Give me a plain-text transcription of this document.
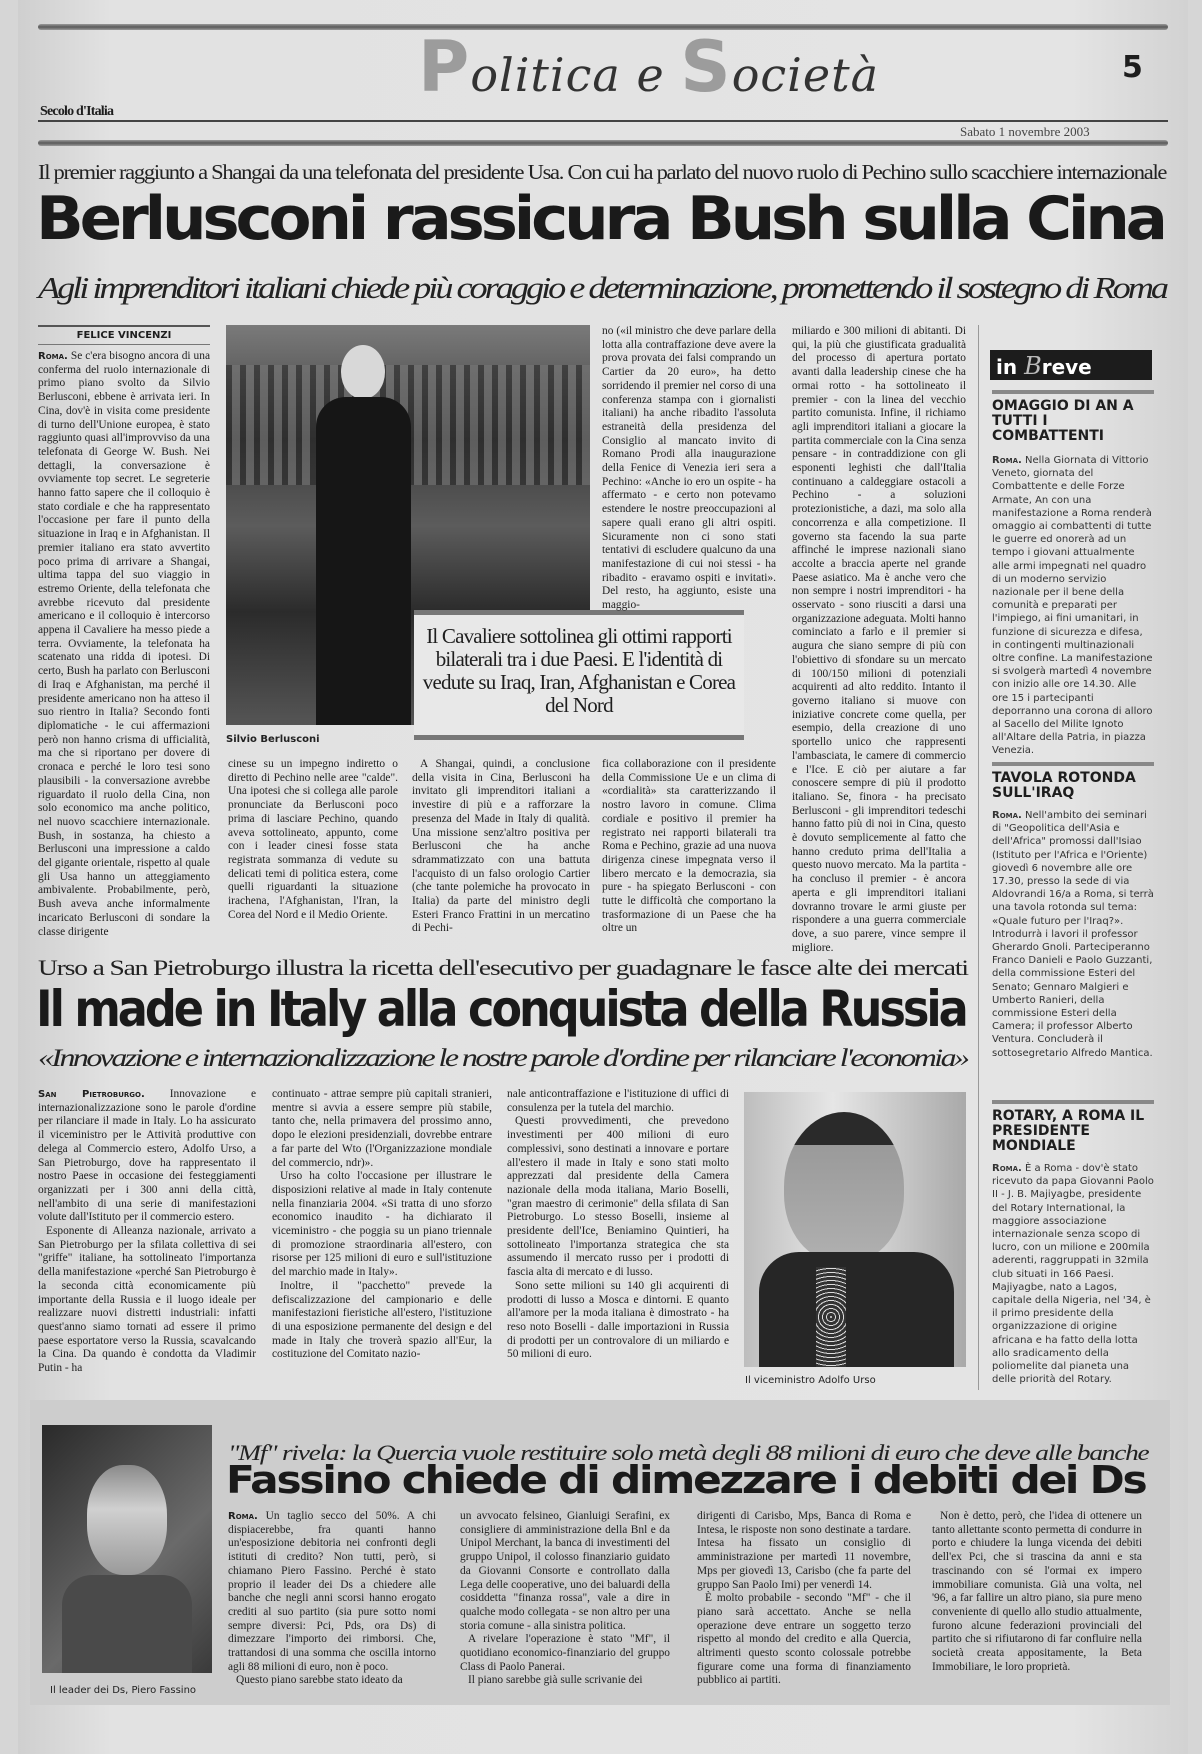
Politica e Società	5
Secolo d'Italia
Sabato 1 novembre 2003
Il premier raggiunto a Shangai da una telefonata del presidente Usa. Con cui ha parlato del nuovo ruolo di Pechino sullo scacchiere internazionale
Berlusconi rassicura Bush sulla Cina
Agli imprenditori italiani chiede più coraggio e determinazione, promettendo il sostegno di Roma
FELICE VINCENZI

Roma. Se c'era bisogno ancora di una conferma del ruolo internazionale di primo piano svolto da Silvio Berlusconi, ebbene è arrivata ieri. In Cina, dov'è in visita come presidente di turno dell'Unione europea, è stato raggiunto quasi all'improvviso da una telefonata di George W. Bush. Nei dettagli, la conversazione è ovviamente top secret. Le segreterie hanno fatto sapere che il colloquio è stato cordiale e che ha rappresentato l'occasione per fare il punto della situazione in Iraq e in Afghanistan. Il premier italiano era stato avvertito poco prima di arrivare a Shangai, ultima tappa del suo viaggio in estremo Oriente, della telefonata che avrebbe ricevuto dal presidente americano e il colloquio è intercorso appena il Cavaliere ha messo piede a terra. Ovviamente, la telefonata ha scatenato una ridda di ipotesi. Di certo, Bush ha parlato con Berlusconi di Iraq e Afghanistan, ma perché il presidente americano non ha atteso il suo rientro in Italia? Secondo fonti diplomatiche - le cui affermazioni però non hanno crisma di ufficialità, ma che si riportano per dovere di cronaca e perché le loro tesi sono plausibili - la conversazione avrebbe riguardato il ruolo della Cina, non solo economico ma anche politico, nel nuovo scacchiere internazionale. Bush, in sostanza, ha chiesto a Berlusconi una impressione a caldo del gigante orientale, rispetto al quale gli Usa hanno un atteggiamento ambivalente. Probabilmente, però, Bush aveva anche informalmente incaricato Berlusconi di sondare la classe dirigente

Silvio Berlusconi
Il Cavaliere sottolinea gli ottimi rapporti bilaterali tra i due Paesi. E l'identità di vedute su Iraq, Iran, Afghanistan e Corea del Nord

cinese su un impegno indiretto o diretto di Pechino nelle aree "calde". Una ipotesi che si collega alle parole pronunciate da Berlusconi poco prima di lasciare Pechino, quando aveva sottolineato, appunto, come con i leader cinesi fosse stata registrata sommanza di vedute su delicati temi di politica estera, come quelli riguardanti la situazione irachena, l'Afghanistan, l'Iran, la Corea del Nord e il Medio Oriente.

A Shangai, quindi, a conclusione della visita in Cina, Berlusconi ha invitato gli imprenditori italiani a investire di più e a rafforzare la presenza del Made in Italy di qualità. Una missione senz'altro positiva per Berlusconi che ha anche sdrammatizzato con una battuta l'acquisto di un falso orologio Cartier (che tante polemiche ha provocato in Italia) da parte del ministro degli Esteri Franco Frattini in un mercatino di Pechi-

no («il ministro che deve parlare della lotta alla contraffazione deve avere la prova provata dei falsi comprando un Cartier da 20 euro», ha detto sorridendo il premier nel corso di una conferenza stampa con i giornalisti italiani) ha anche ribadito l'assoluta estraneità della presidenza del Consiglio al mancato invito di Romano Prodi alla inaugurazione della Fenice di Venezia ieri sera a Pechino: «Anche io ero un ospite - ha affermato - e certo non potevamo estendere le nostre preoccupazioni al sapere quali erano gli altri ospiti. Sicuramente non ci sono stati tentativi di escludere qualcuno da una manifestazione di cui noi stessi - ha ribadito - eravamo ospiti e invitati». Del resto, ha aggiunto, esiste una maggio-

fica collaborazione con il presidente della Commissione Ue e un clima di «cordialità» sta caratterizzando il nostro lavoro in comune. Clima cordiale e positivo il premier ha registrato nei rapporti bilaterali tra Roma e Pechino, grazie ad una nuova dirigenza cinese impegnata verso il libero mercato e la democrazia, sia pure - ha spiegato Berlusconi - con tutte le difficoltà che comportano la trasformazione di un Paese che ha oltre un

miliardo e 300 milioni di abitanti. Di qui, la più che giustificata gradualità del processo di apertura portato avanti dalla leadership cinese che ha ormai rotto - ha sottolineato il premier - con la linea del vecchio partito comunista. Infine, il richiamo agli imprenditori italiani a giocare la partita commerciale con la Cina senza pensare - in contraddizione con gli esponenti leghisti che dall'Italia continuano a caldeggiare ostacoli a Pechino - a soluzioni protezionistiche, a dazi, ma solo alla concorrenza e alla competizione. Il governo sta facendo la sua parte affinché le imprese nazionali siano accolte a braccia aperte nel grande Paese asiatico. Ma è anche vero che non sempre i nostri imprenditori - ha osservato - sono riusciti a darsi una organizzazione adeguata. Molti hanno cominciato a farlo e il premier si augura che siano sempre di più con l'obiettivo di sfondare su un mercato di 100/150 milioni di potenziali acquirenti ad alto reddito. Intanto il governo italiano si muove con iniziative concrete come quella, per esempio, della creazione di uno sportello unico che rappresenti l'ambasciata, le camere di commercio e l'Ice. E ciò per aiutare a far conoscere sempre di più il prodotto italiano. Se, finora - ha precisato Berlusconi - gli imprenditori tedeschi hanno fatto più di noi in Cina, questo è dovuto semplicemente al fatto che hanno creduto prima dell'Italia a questo nuovo mercato. Ma la partita - ha concluso il premier - è ancora aperta e gli imprenditori italiani dovranno trovare le armi giuste per rispondere a una guerra commerciale dove, a suo parere, vince sempre il migliore.

in Breve
OMAGGIO DI AN A TUTTI I COMBATTENTI
Roma. Nella Giornata di Vittorio Veneto, giornata del Combattente e delle Forze Armate, An con una manifestazione a Roma renderà omaggio ai combattenti di tutte le guerre ed onorerà ad un tempo i giovani attualmente alle armi impegnati nel quadro di un moderno servizio nazionale per il bene della comunità e preparati per l'impiego, ai fini umanitari, in funzione di sicurezza e difesa, in contingenti multinazionali oltre confine. La manifestazione si svolgerà martedì 4 novembre con inizio alle ore 14.30. Alle ore 15 i partecipanti deporranno una corona di alloro al Sacello del Milite Ignoto all'Altare della Patria, in piazza Venezia.
TAVOLA ROTONDA SULL'IRAQ
Roma. Nell'ambito dei seminari di "Geopolitica dell'Asia e dell'Africa" promossi dall'Isiao (Istituto per l'Africa e l'Oriente) giovedì 6 novembre alle ore 17.30, presso la sede di via Aldovrandi 16/a a Roma, si terrà una tavola rotonda sul tema: «Quale futuro per l'Iraq?». Introdurrà i lavori il professor Gherardo Gnoli. Parteciperanno Franco Danieli e Paolo Guzzanti, della commissione Esteri del Senato; Gennaro Malgieri e Umberto Ranieri, della commissione Esteri della Camera; il professor Alberto Ventura. Concluderà il sottosegretario Alfredo Mantica.
ROTARY, A ROMA IL PRESIDENTE MONDIALE
Roma. È a Roma - dov'è stato ricevuto da papa Giovanni Paolo II - J. B. Majiyagbe, presidente del Rotary International, la maggiore associazione internazionale senza scopo di lucro, con un milione e 200mila aderenti, raggruppati in 32mila club situati in 166 Paesi. Majiyagbe, nato a Lagos, capitale della Nigeria, nel '34, è il primo presidente della organizzazione di origine africana e ha fatto della lotta allo sradicamento della poliomelite dal pianeta una delle priorità del Rotary.
Urso a San Pietroburgo illustra la ricetta dell'esecutivo per guadagnare le fasce alte dei mercati
Il made in Italy alla conquista della Russia
«Innovazione e internazionalizzazione le nostre parole d'ordine per rilanciare l'economia»

San Pietroburgo. Innovazione e internazionalizzazione sono le parole d'ordine per rilanciare il made in Italy. Lo ha assicurato il viceministro per le Attività produttive con delega al Commercio estero, Adolfo Urso, a San Pietroburgo, dove ha rappresentato il nostro Paese in occasione dei festeggiamenti organizzati per i 300 anni della città, nell'ambito di una serie di manifestazioni volute dall'Istituto per il commercio estero.

Esponente di Alleanza nazionale, arrivato a San Pietroburgo per la sfilata collettiva di sei "griffe" italiane, ha sottolineato l'importanza della manifestazione «perché San Pietroburgo è la seconda città economicamente più importante della Russia e il luogo ideale per realizzare nuovi distretti industriali: infatti quest'anno siamo tornati ad essere il primo paese esportatore verso la Russia, scavalcando la Cina. Da quando è condotta da Vladimir Putin - ha

continuato - attrae sempre più capitali stranieri, mentre si avvia a essere sempre più stabile, tanto che, nella primavera del prossimo anno, dopo le elezioni presidenziali, dovrebbe entrare a far parte del Wto (l'Organizzazione mondiale del commercio, ndr)».

Urso ha colto l'occasione per illustrare le disposizioni relative al made in Italy contenute nella finanziaria 2004. «Si tratta di uno sforzo economico inaudito - ha dichiarato il viceministro - che poggia su un piano triennale di promozione straordinaria all'estero, con risorse per 125 milioni di euro e sull'istituzione del marchio made in Italy».

Inoltre, il "pacchetto" prevede la defiscalizzazione del campionario e delle manifestazioni fieristiche all'estero, l'istituzione di una esposizione permanente del design e del made in Italy che troverà spazio all'Eur, la costituzione del Comitato nazio-

nale anticontraffazione e l'istituzione di uffici di consulenza per la tutela del marchio.

Questi provvedimenti, che prevedono investimenti per 400 milioni di euro complessivi, sono destinati a innovare e portare all'estero il made in Italy e sono stati molto apprezzati dal presidente della Camera nazionale della moda italiana, Mario Boselli, "gran maestro di cerimonie" della sfilata di San Pietroburgo. Lo stesso Boselli, insieme al presidente dell'Ice, Beniamino Quintieri, ha sottolineato l'importanza strategica che sta assumendo il mercato russo per i prodotti di fascia alta di mercato e di lusso.

Sono sette milioni su 140 gli acquirenti di prodotti di lusso a Mosca e dintorni. E quanto all'amore per la moda italiana è dimostrato - ha reso noto Boselli - dalle importazioni in Russia di prodotti per un controvalore di un miliardo e 50 milioni di euro.

Il viceministro Adolfo Urso
Il leader dei Ds, Piero Fassino
"Mf" rivela: la Quercia vuole restituire solo metà degli 88 milioni di euro che deve alle banche
Fassino chiede di dimezzare i debiti dei Ds

Roma. Un taglio secco del 50%. A chi dispiacerebbe, fra quanti hanno un'esposizione debitoria nei confronti degli istituti di credito? Non tutti, però, si chiamano Piero Fassino. Perché è stato proprio il leader dei Ds a chiedere alle banche che negli anni scorsi hanno erogato crediti al suo partito (sia pure sotto nomi sempre diversi: Pci, Pds, ora Ds) di dimezzare l'importo dei rimborsi. Che, trattandosi di una somma che oscilla intorno agli 88 milioni di euro, non è poco.

Questo piano sarebbe stato ideato da

un avvocato felsineo, Gianluigi Serafini, ex consigliere di amministrazione della Bnl e da Unipol Merchant, la banca di investimenti del gruppo Unipol, il colosso finanziario guidato da Giovanni Consorte e controllato dalla Lega delle cooperative, uno dei baluardi della cosiddetta "finanza rossa", vale a dire in qualche modo collegata - se non altro per una storia comune - alla sinistra politica.

A rivelare l'operazione è stato "Mf", il quotidiano economico-finanziario del gruppo Class di Paolo Panerai.

Il piano sarebbe già sulle scrivanie dei

dirigenti di Carisbo, Mps, Banca di Roma e Intesa, le risposte non sono destinate a tardare. Intesa ha fissato un consiglio di amministrazione per martedì 11 novembre, Mps per giovedì 13, Carisbo (che fa parte del gruppo San Paolo Imi) per venerdì 14.

È molto probabile - secondo "Mf" - che il piano sarà accettato. Anche se nella operazione deve entrare un soggetto terzo rispetto al mondo del credito e alla Quercia, altrimenti questo sconto colossale potrebbe figurare come una forma di finanziamento pubblico ai partiti.

Non è detto, però, che l'idea di ottenere un tanto allettante sconto permetta di condurre in porto e chiudere la lunga vicenda dei debiti dell'ex Pci, che si trascina da anni e sta trascinando con sé l'ormai ex impero immobiliare comunista. Già una volta, nel '96, a far fallire un altro piano, sia pure meno conveniente di quello allo studio attualmente, furono alcune federazioni provinciali del partito che si rifiutarono di far confluire nella società creata appositamente, la Beta Immobiliare, le loro proprietà.
